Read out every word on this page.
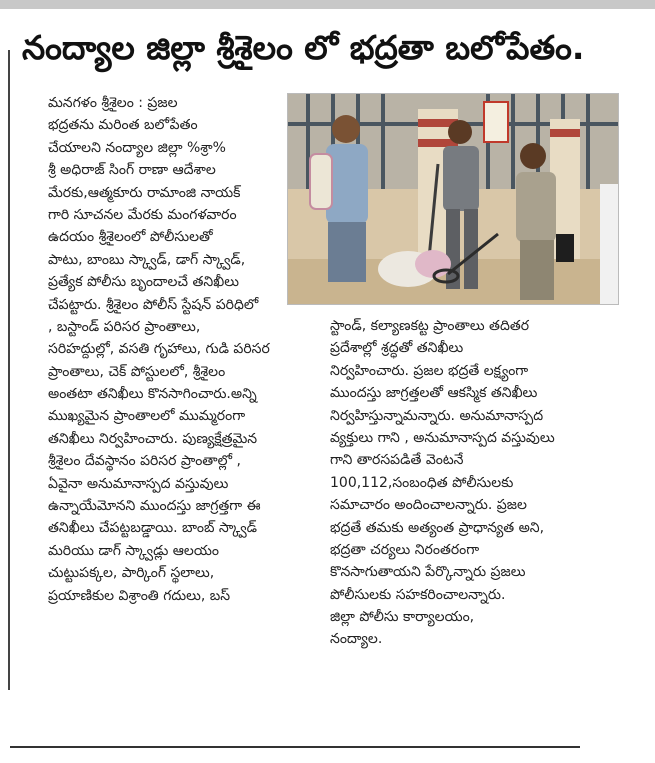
నంద్యాల జిల్లా శ్రీశైలం లో భద్రతా బలోపేతం.
మనగళం శ్రీశైలం : ప్రజల
భద్రతను మరింత బలోపేతం
చేయాలని నంద్యాల జిల్లా %శ్రా%
శ్రీ అధిరాజ్ సింగ్ రాణా ఆదేశాల
మేరకు,ఆత్మకూరు రామాంజి నాయక్
గారి సూచనల మేరకు మంగళవారం
ఉదయం శ్రీశైలంలో పోలీసులతో
పాటు, బాంబు స్క్వాడ్, డాగ్ స్క్వాడ్,
ప్రత్యేక పోలీసు బృందాలచే తనిఖీలు
చేపట్టారు. శ్రీశైలం పోలీస్ స్టేషన్ పరిధిలో
, బస్టాండ్ పరిసర ప్రాంతాలు,
సరిహద్దుల్లో, వసతి గృహాలు, గుడి పరిసర
ప్రాంతాలు, చెక్ పోస్టులలో, శ్రీశైలం
అంతటా తనిఖీలు కొనసాగించారు.అన్ని
ముఖ్యమైన ప్రాంతాలలో ముమ్మరంగా
తనిఖీలు నిర్వహించారు. పుణ్యక్షేత్రమైన
శ్రీశైలం దేవస్థానం పరిసర ప్రాంతాల్లో ,
ఏవైనా అనుమానాస్పద వస్తువులు
ఉన్నాయేమోనని ముందస్తు జాగ్రత్తగా ఈ
తనిఖీలు చేపట్టబడ్డాయి. బాంబ్ స్క్వాడ్
మరియు డాగ్ స్క్వాడ్లు ఆలయం
చుట్టుపక్కల, పార్కింగ్ స్థలాలు,
ప్రయాణికుల విశ్రాంతి గదులు, బస్
స్టాండ్, కల్యాణకట్ట ప్రాంతాలు తదితర
ప్రదేశాల్లో శ్రద్ధతో తనిఖీలు
నిర్వహించారు. ప్రజల భద్రతే లక్ష్యంగా
ముందస్తు జాగ్రత్తలతో ఆకస్మిక తనిఖీలు
నిర్వహిస్తున్నామన్నారు. అనుమానాస్పద
వ్యక్తులు గాని , అనుమానాస్పద వస్తువులు
గాని తారసపడితే వెంటనే
100,112,సంబంధిత పోలీసులకు
సమాచారం అందించాలన్నారు. ప్రజల
భద్రతే తమకు అత్యంత ప్రాధాన్యత అని,
భద్రతా చర్యలు నిరంతరంగా
కొనసాగుతాయని పేర్కొన్నారు ప్రజలు
పోలీసులకు సహకరించాలన్నారు.
జిల్లా పోలీసు కార్యాలయం,
నంద్యాల.
